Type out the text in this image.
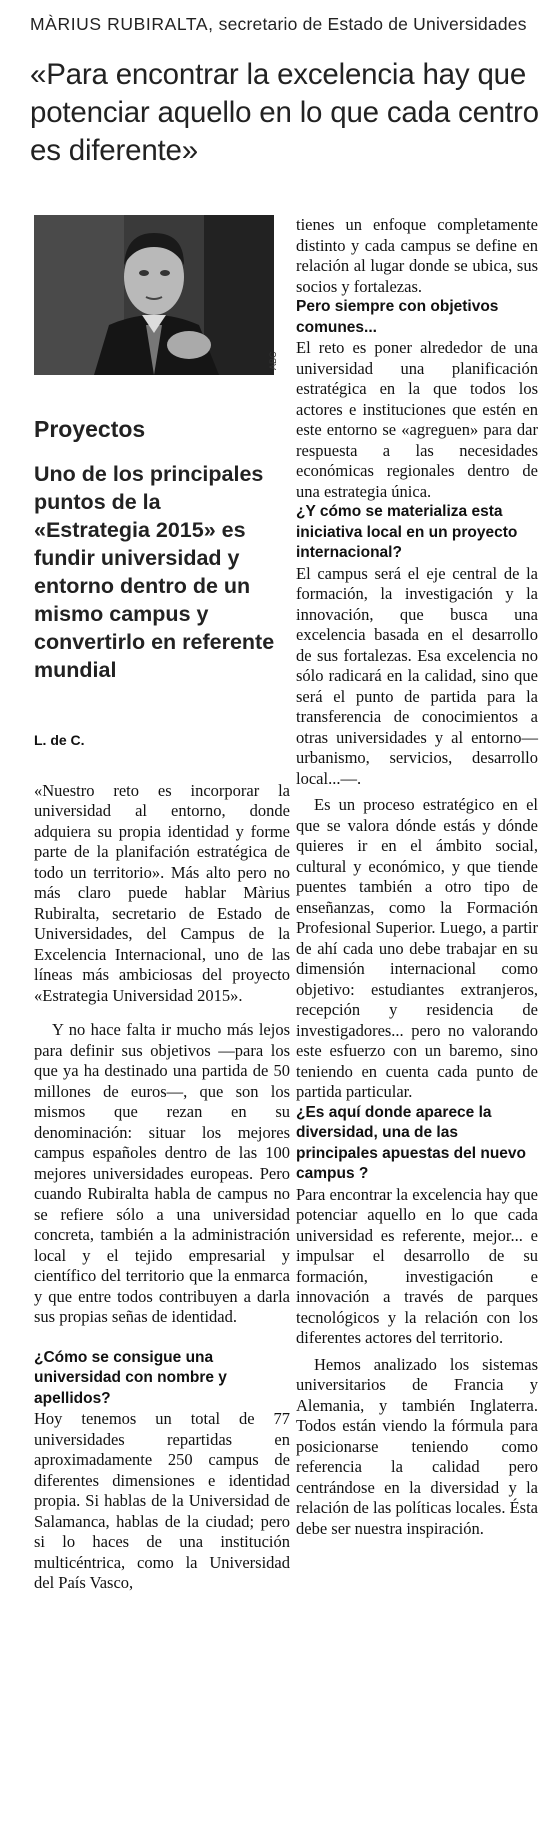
MÀRIUS RUBIRALTA, secretario de Estado de Universidades
«Para encontrar la excelencia hay que potenciar aquello en lo que cada centro es diferente»
ABC
Proyectos
Uno de los principales puntos de la «Estrategia 2015» es fundir universidad y entorno dentro de un mismo campus y convertirlo en referente mundial
L. de C.

«Nuestro reto es incorporar la universidad al entorno, donde adquiera su propia identidad y forme parte de la planifación estratégica de todo un territorio». Más alto pero no más claro puede hablar Màrius Rubiralta, secretario de Estado de Universidades, del Campus de la Excelencia Internacional, uno de las líneas más ambiciosas del proyecto «Estrategia Universidad 2015».

Y no hace falta ir mucho más lejos para definir sus objetivos —para los que ya ha destinado una partida de 50 millones de euros—, que son los mismos que rezan en su denominación: situar los mejores campus españoles dentro de las 100 mejores universidades europeas. Pero cuando Rubiralta habla de campus no se refiere sólo a una universidad concreta, también a la administración local y el tejido empresarial y científico del territorio que la enmarca y que entre todos contribuyen a darla sus propias señas de identidad.

¿Cómo se consigue una universidad con nombre y apellidos?

Hoy tenemos un total de 77 universidades repartidas en aproximadamente 250 campus de diferentes dimensiones e identidad propia. Si hablas de la Universidad de Salamanca, hablas de la ciudad; pero si lo haces de una institución multicéntrica, como la Universidad del País Vasco,

tienes un enfoque completamente distinto y cada campus se define en relación al lugar donde se ubica, sus socios y fortalezas.

Pero siempre con objetivos comunes...

El reto es poner alrededor de una universidad una planificación estratégica en la que todos los actores e instituciones que estén en este entorno se «agreguen» para dar respuesta a las necesidades económicas regionales dentro de una estrategia única.

¿Y cómo se materializa esta iniciativa local en un proyecto internacional?

El campus será el eje central de la formación, la investigación y la innovación, que busca una excelencia basada en el desarrollo de sus fortalezas. Esa excelencia no sólo radicará en la calidad, sino que será el punto de partida para la transferencia de conocimientos a otras universidades y al entorno—urbanismo, servicios, desarrollo local...—.

Es un proceso estratégico en el que se valora dónde estás y dónde quieres ir en el ámbito social, cultural y económico, y que tiende puentes también a otro tipo de enseñanzas, como la Formación Profesional Superior. Luego, a partir de ahí cada uno debe trabajar en su dimensión internacional como objetivo: estudiantes extranjeros, recepción y residencia de investigadores... pero no valorando este esfuerzo con un baremo, sino teniendo en cuenta cada punto de partida particular.

¿Es aquí donde aparece la diversidad, una de las principales apuestas del nuevo campus ?

Para encontrar la excelencia hay que potenciar aquello en lo que cada universidad es referente, mejor... e impulsar el desarrollo de su formación, investigación e innovación a través de parques tecnológicos y la relación con los diferentes actores del territorio.

Hemos analizado los sistemas universitarios de Francia y Alemania, y también Inglaterra. Todos están viendo la fórmula para posicionarse teniendo como referencia la calidad pero centrándose en la diversidad y la relación de las políticas locales. Ésta debe ser nuestra inspiración.
